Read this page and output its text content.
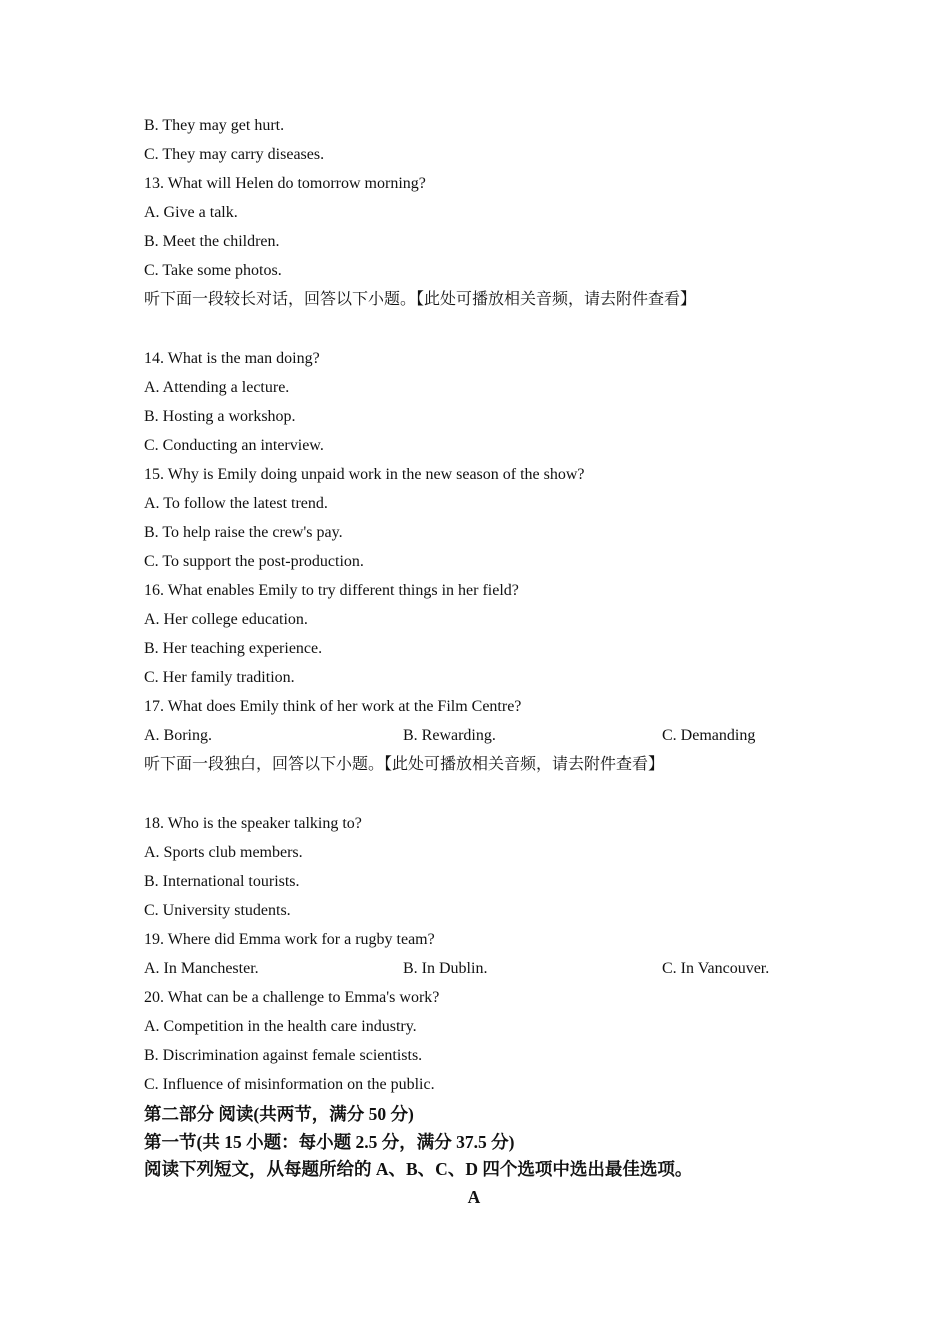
B. They may get hurt.
C. They may carry diseases.
13. What will Helen do tomorrow morning?
A. Give a talk.
B. Meet the children.
C. Take some photos.
听下面一段较长对话，回答以下小题。【此处可播放相关音频，请去附件查看】
14. What is the man doing?
A. Attending a lecture.
B. Hosting a workshop.
C. Conducting an interview.
15. Why is Emily doing unpaid work in the new season of the show?
A. To follow the latest trend.
B. To help raise the crew's pay.
C. To support the post-production.
16. What enables Emily to try different things in her field?
A. Her college education.
B. Her teaching experience.
C. Her family tradition.
17. What does Emily think of her work at the Film Centre?
A. Boring.	B. Rewarding.	C. Demanding
听下面一段独白，回答以下小题。【此处可播放相关音频，请去附件查看】
18. Who is the speaker talking to?
A. Sports club members.
B. International tourists.
C. University students.
19. Where did Emma work for a rugby team?
A. In Manchester.	B. In Dublin.	C. In Vancouver.
20. What can be a challenge to Emma's work?
A. Competition in the health care industry.
B. Discrimination against female scientists.
C. Influence of misinformation on the public.
第二部分 阅读(共两节，满分 50 分)
第一节(共 15 小题：每小题 2.5 分，满分 37.5 分)
阅读下列短文，从每题所给的 A、B、C、D 四个选项中选出最佳选项。
A
